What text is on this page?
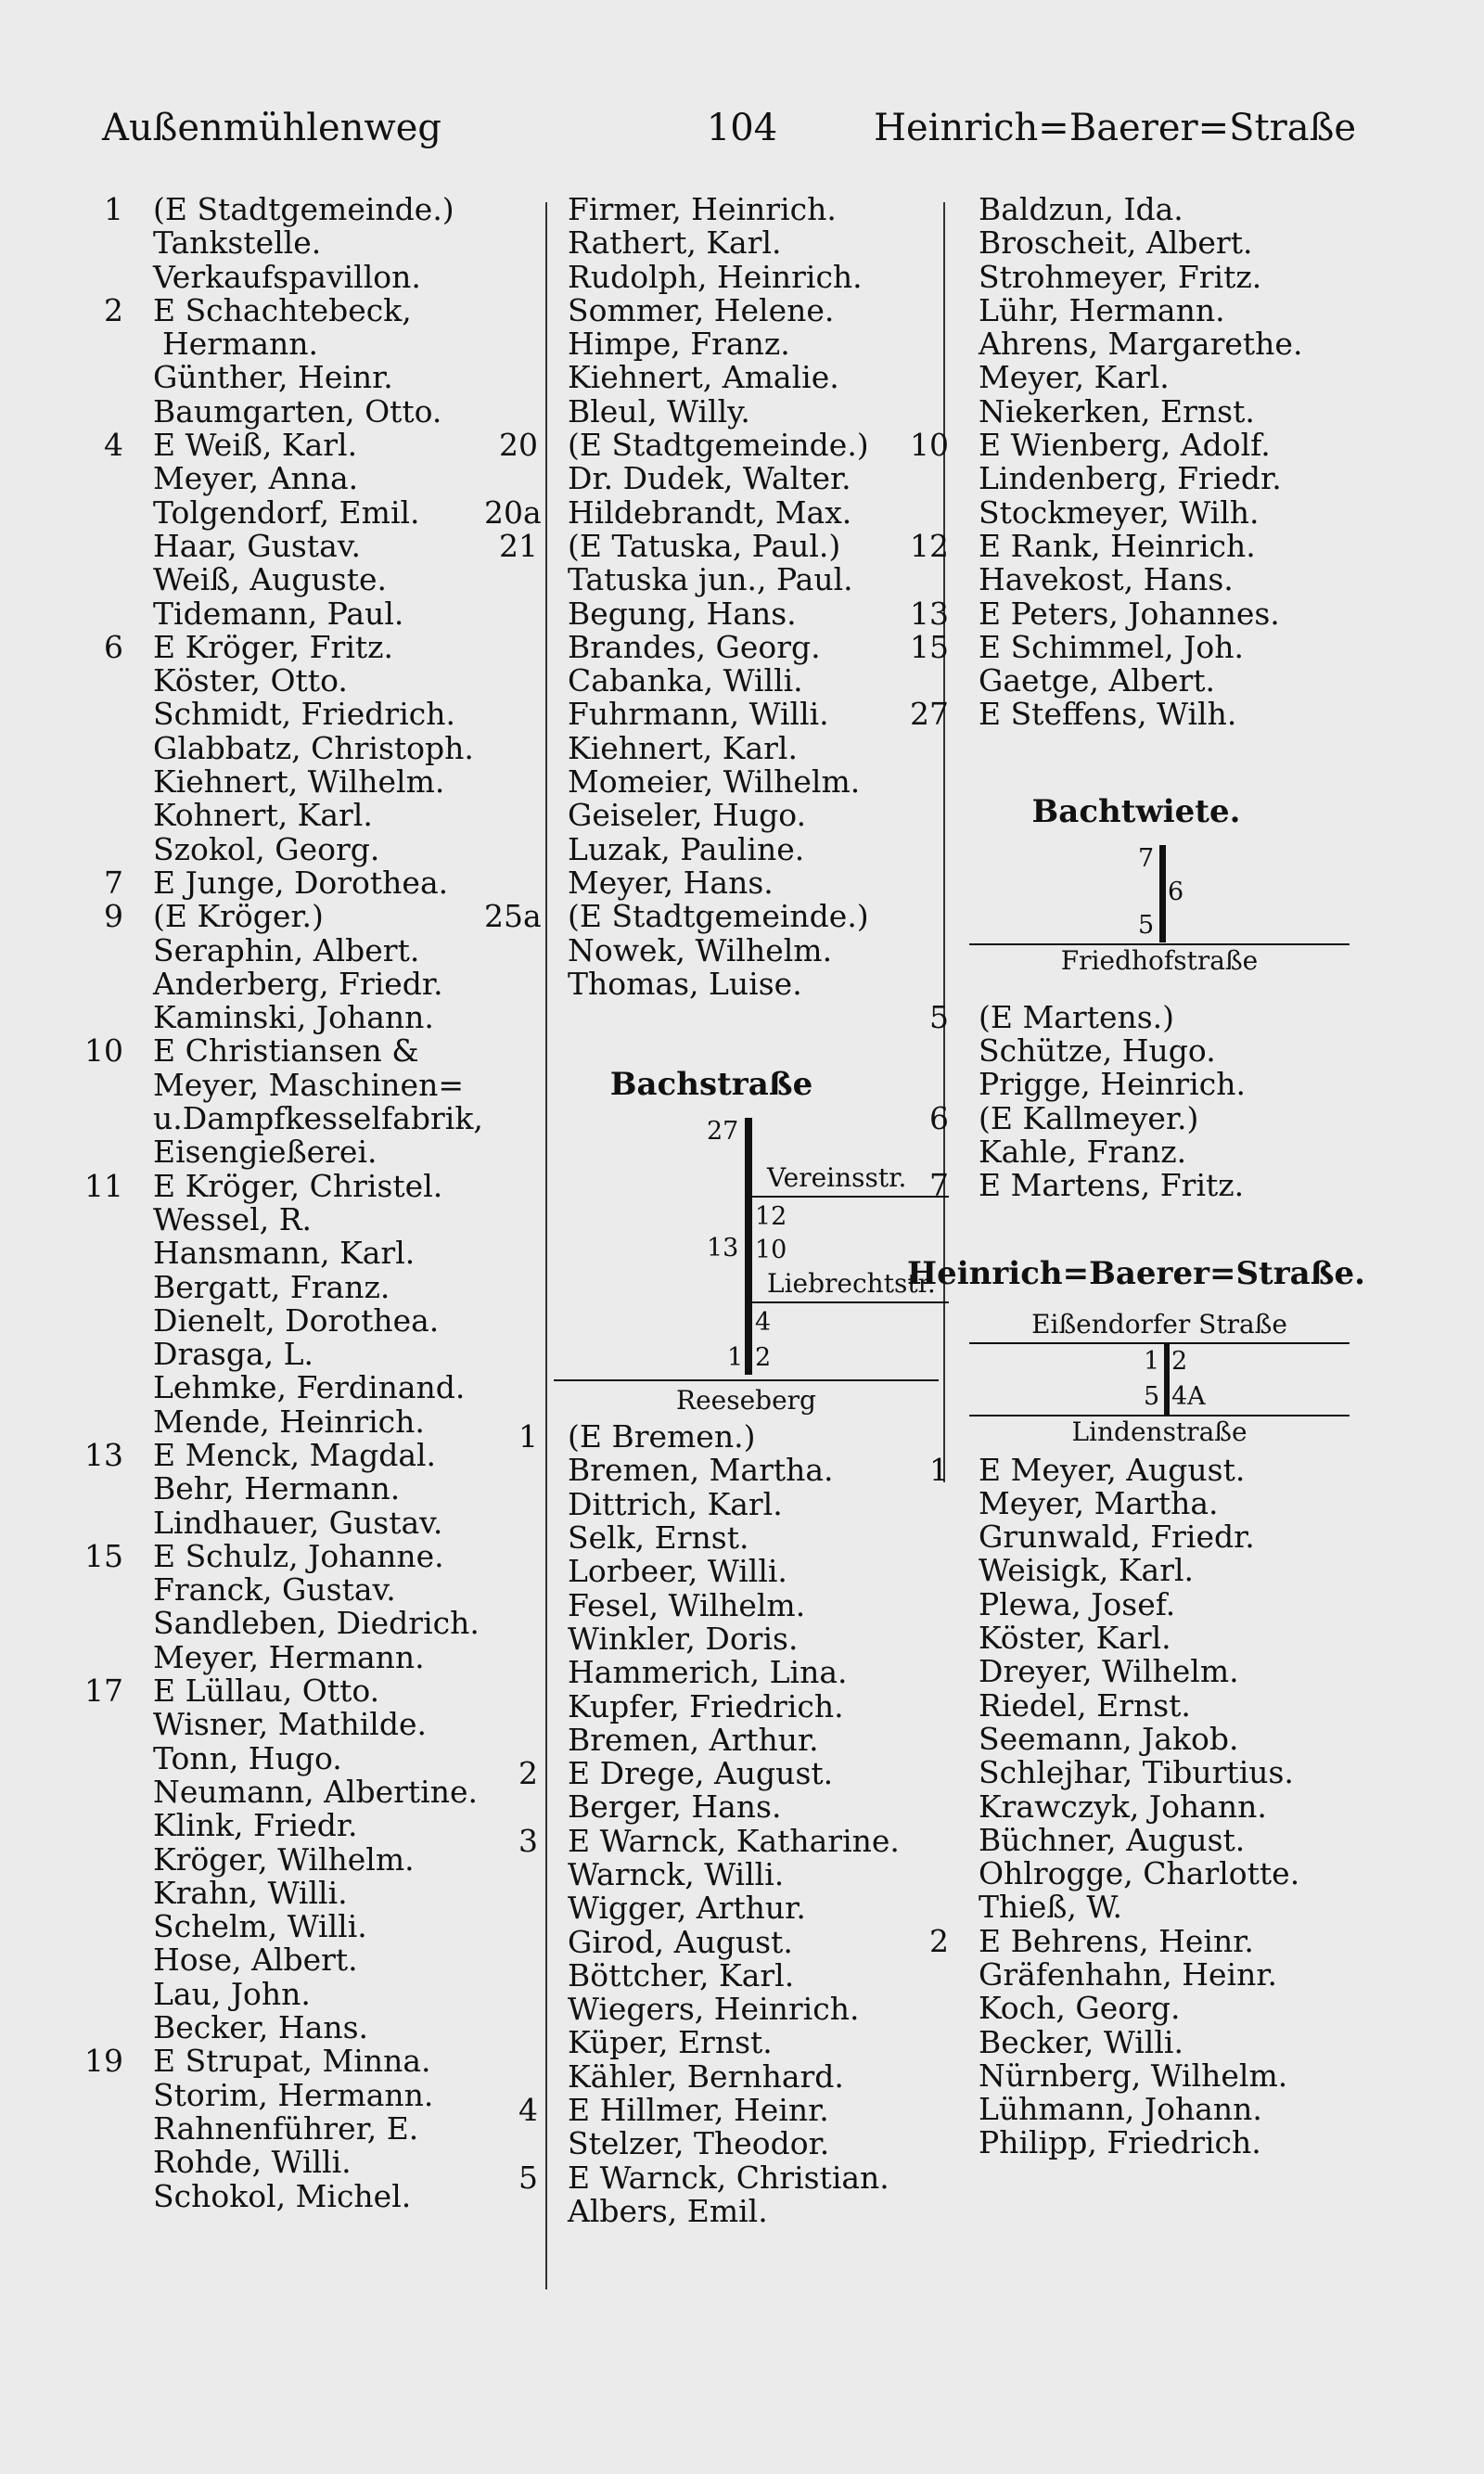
Außenmühlenweg	104	Heinrich=Baerer=Straße
1 (E Stadtgemeinde.)
Tankstelle.
Verkaufspavillon.
2 E Schachtebeck,
Hermann.
Günther, Heinr.
Baumgarten, Otto.
4 E Weiß, Karl.
Meyer, Anna.
Tolgendorf, Emil.
Haar, Gustav.
Weiß, Auguste.
Tidemann, Paul.
6 E Kröger, Fritz.
Köster, Otto.
Schmidt, Friedrich.
Glabbatz, Christoph.
Kiehnert, Wilhelm.
Kohnert, Karl.
Szokol, Georg.
7 E Junge, Dorothea.
9 (E Kröger.)
Seraphin, Albert.
Anderberg, Friedr.
Kaminski, Johann.
10 E Christiansen &
Meyer, Maschinen=
u.Dampfkesselfabrik,
Eisengießerei.
11 E Kröger, Christel.
Wessel, R.
Hansmann, Karl.
Bergatt, Franz.
Dienelt, Dorothea.
Drasga, L.
Lehmke, Ferdinand.
Mende, Heinrich.
13 E Menck, Magdal.
Behr, Hermann.
Lindhauer, Gustav.
15 E Schulz, Johanne.
Franck, Gustav.
Sandleben, Diedrich.
Meyer, Hermann.
17 E Lüllau, Otto.
Wisner, Mathilde.
Tonn, Hugo.
Neumann, Albertine.
Klink, Friedr.
Kröger, Wilhelm.
Krahn, Willi.
Schelm, Willi.
Hose, Albert.
Lau, John.
Becker, Hans.
19 E Strupat, Minna.
Storim, Hermann.
Rahnenführer, E.
Rohde, Willi.
Schokol, Michel.
Firmer, Heinrich.
Rathert, Karl.
Rudolph, Heinrich.
Sommer, Helene.
Himpe, Franz.
Kiehnert, Amalie.
Bleul, Willy.
20 (E Stadtgemeinde.)
Dr. Dudek, Walter.
20a Hildebrandt, Max.
21 (E Tatuska, Paul.)
Tatuska jun., Paul.
Begung, Hans.
Brandes, Georg.
Cabanka, Willi.
Fuhrmann, Willi.
Kiehnert, Karl.
Momeier, Wilhelm.
Geiseler, Hugo.
Luzak, Pauline.
Meyer, Hans.
25a (E Stadtgemeinde.)
Nowek, Wilhelm.
Thomas, Luise.
Bachstraße
27
Vereinsstr.
12
13 10
Liebrechtstr.
4
1 2
Reeseberg
1 (E Bremen.)
Bremen, Martha.
Dittrich, Karl.
Selk, Ernst.
Lorbeer, Willi.
Fesel, Wilhelm.
Winkler, Doris.
Hammerich, Lina.
Kupfer, Friedrich.
Bremen, Arthur.
2 E Drege, August.
Berger, Hans.
3 E Warnck, Katharine.
Warnck, Willi.
Wigger, Arthur.
Girod, August.
Böttcher, Karl.
Wiegers, Heinrich.
Küper, Ernst.
Kähler, Bernhard.
4 E Hillmer, Heinr.
Stelzer, Theodor.
5 E Warnck, Christian.
Albers, Emil.
Baldzun, Ida.
Broscheit, Albert.
Strohmeyer, Fritz.
Lühr, Hermann.
Ahrens, Margarethe.
Meyer, Karl.
Niekerken, Ernst.
10 E Wienberg, Adolf.
Lindenberg, Friedr.
Stockmeyer, Wilh.
12 E Rank, Heinrich.
Havekost, Hans.
13 E Peters, Johannes.
15 E Schimmel, Joh.
Gaetge, Albert.
27 E Steffens, Wilh.
Bachtwiete.
7
6
5
Friedhofstraße
5 (E Martens.)
Schütze, Hugo.
Prigge, Heinrich.
6 (E Kallmeyer.)
Kahle, Franz.
7 E Martens, Fritz.
Heinrich=Baerer=Straße.
Eißendorfer Straße
1 2
5 4A
Lindenstraße
1 E Meyer, August.
Meyer, Martha.
Grunwald, Friedr.
Weisigk, Karl.
Plewa, Josef.
Köster, Karl.
Dreyer, Wilhelm.
Riedel, Ernst.
Seemann, Jakob.
Schlejhar, Tiburtius.
Krawczyk, Johann.
Büchner, August.
Ohlrogge, Charlotte.
Thieß, W.
2 E Behrens, Heinr.
Gräfenhahn, Heinr.
Koch, Georg.
Becker, Willi.
Nürnberg, Wilhelm.
Lühmann, Johann.
Philipp, Friedrich.
